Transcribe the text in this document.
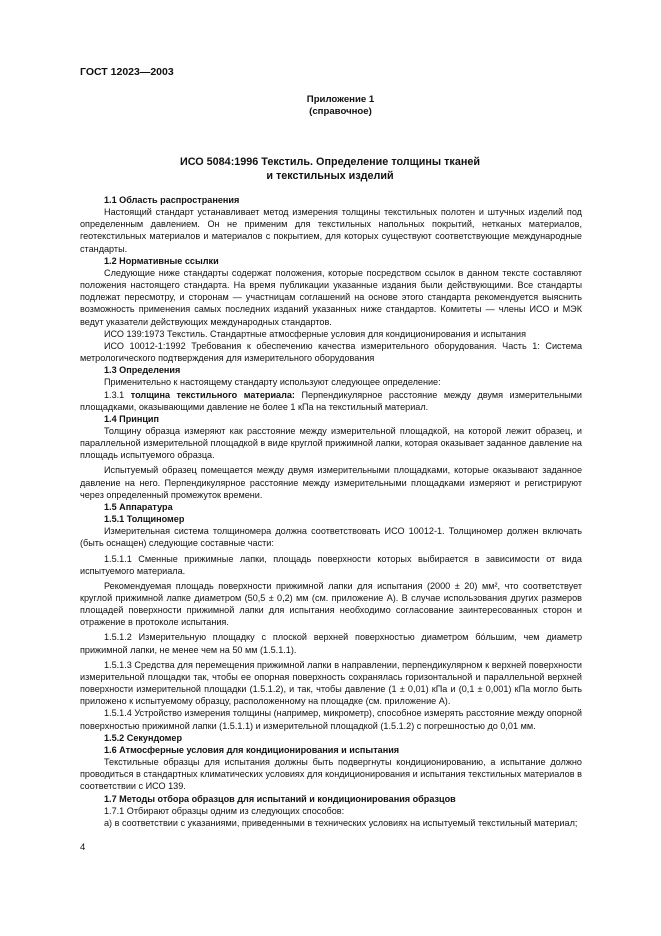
ГОСТ 12023—2003
Приложение 1
(справочное)
ИСО 5084:1996 Текстиль. Определение толщины тканей
и текстильных изделий

1.1 Область распространения

Настоящий стандарт устанавливает метод измерения толщины текстильных полотен и штучных изделий под определенным давлением. Он не применим для текстильных напольных покрытий, нетканых материалов, геотекстильных материалов и материалов с покрытием, для которых существуют соответствующие международные стандарты.

1.2 Нормативные ссылки

Следующие ниже стандарты содержат положения, которые посредством ссылок в данном тексте составляют положения настоящего стандарта. На время публикации указанные издания были действующими. Все стандарты подлежат пересмотру, и сторонам — участницам соглашений на основе этого стандарта рекомендуется выяснить возможность применения самых последних изданий указанных ниже стандартов. Комитеты — члены ИСО и МЭК ведут указатели действующих международных стандартов.

ИСО 139:1973 Текстиль. Стандартные атмосферные условия для кондиционирования и испытания

ИСО 10012-1:1992 Требования к обеспечению качества измерительного оборудования. Часть 1: Система метрологического подтверждения для измерительного оборудования

1.3 Определения

Применительно к настоящему стандарту используют следующее определение:

1.3.1 толщина текстильного материала: Перпендикулярное расстояние между двумя измерительными площадками, оказывающими давление не более 1 кПа на текстильный материал.

1.4 Принцип

Толщину образца измеряют как расстояние между измерительной площадкой, на которой лежит образец, и параллельной измерительной площадкой в виде круглой прижимной лапки, которая оказывает заданное давление на площадь испытуемого образца.

Испытуемый образец помещается между двумя измерительными площадками, которые оказывают заданное давление на него. Перпендикулярное расстояние между измерительными площадками измеряют и регистрируют через определенный промежуток времени.

1.5 Аппаратура

1.5.1 Толщиномер

Измерительная система толщиномера должна соответствовать ИСО 10012-1. Толщиномер должен включать (быть оснащен) следующие составные части:

1.5.1.1 Сменные прижимные лапки, площадь поверхности которых выбирается в зависимости от вида испытуемого материала.

Рекомендуемая площадь поверхности прижимной лапки для испытания (2000 ± 20) мм², что соответствует круглой прижимной лапке диаметром (50,5 ± 0,2) мм (см. приложение А). В случае использования других размеров площадей поверхности прижимной лапки для испытания необходимо согласование заинтересованных сторон и отражение в протоколе испытания.

1.5.1.2 Измерительную площадку с плоской верхней поверхностью диаметром бо́льшим, чем диаметр прижимной лапки, не менее чем на 50 мм (1.5.1.1).

1.5.1.3 Средства для перемещения прижимной лапки в направлении, перпендикулярном к верхней поверхности измерительной площадки так, чтобы ее опорная поверхность сохранялась горизонтальной и параллельной верхней поверхности измерительной площадки (1.5.1.2), и так, чтобы давление (1 ± 0,01) кПа и (0,1 ± 0,001) кПа могло быть приложено к испытуемому образцу, расположенному на площадке (см. приложение А).

1.5.1.4 Устройство измерения толщины (например, микрометр), способное измерять расстояние между опорной поверхностью прижимной лапки (1.5.1.1) и измерительной площадкой (1.5.1.2) с погрешностью до 0,01 мм.

1.5.2 Секундомер

1.6 Атмосферные условия для кондиционирования и испытания

Текстильные образцы для испытания должны быть подвергнуты кондиционированию, а испытание должно проводиться в стандартных климатических условиях для кондиционирования и испытания текстильных материалов в соответствии с ИСО 139.

1.7 Методы отбора образцов для испытаний и кондиционирования образцов

1.7.1 Отбирают образцы одним из следующих способов:

а) в соответствии с указаниями, приведенными в технических условиях на испытуемый текстильный материал;

4
